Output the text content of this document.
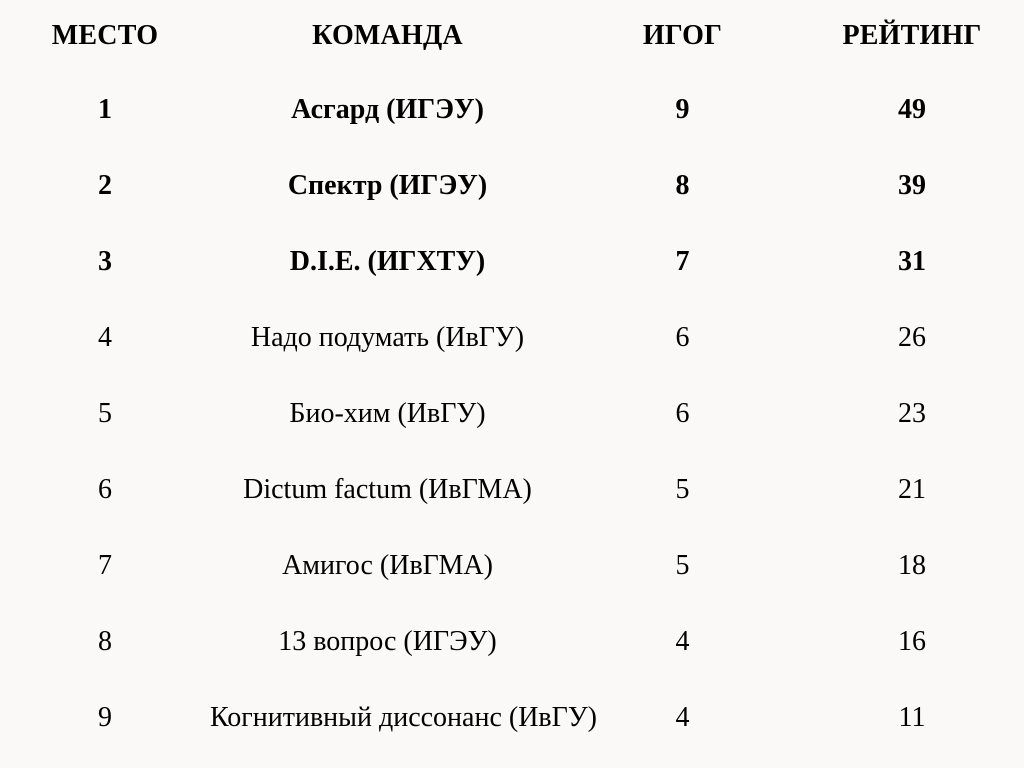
МЕСТО	КОМАНДА	ИГОГ	РЕЙТИНГ
1	Асгард (ИГЭУ)	9	49
2	Спектр (ИГЭУ)	8	39
3	D.I.E. (ИГХТУ)	7	31
4	Надо подумать (ИвГУ)	6	26
5	Био-хим (ИвГУ)	6	23
6	Dictum factum (ИвГМА)	5	21
7	Амигос (ИвГМА)	5	18
8	13 вопрос (ИГЭУ)	4	16
9	Когнитивный диссонанс (ИвГУ)	4	11
